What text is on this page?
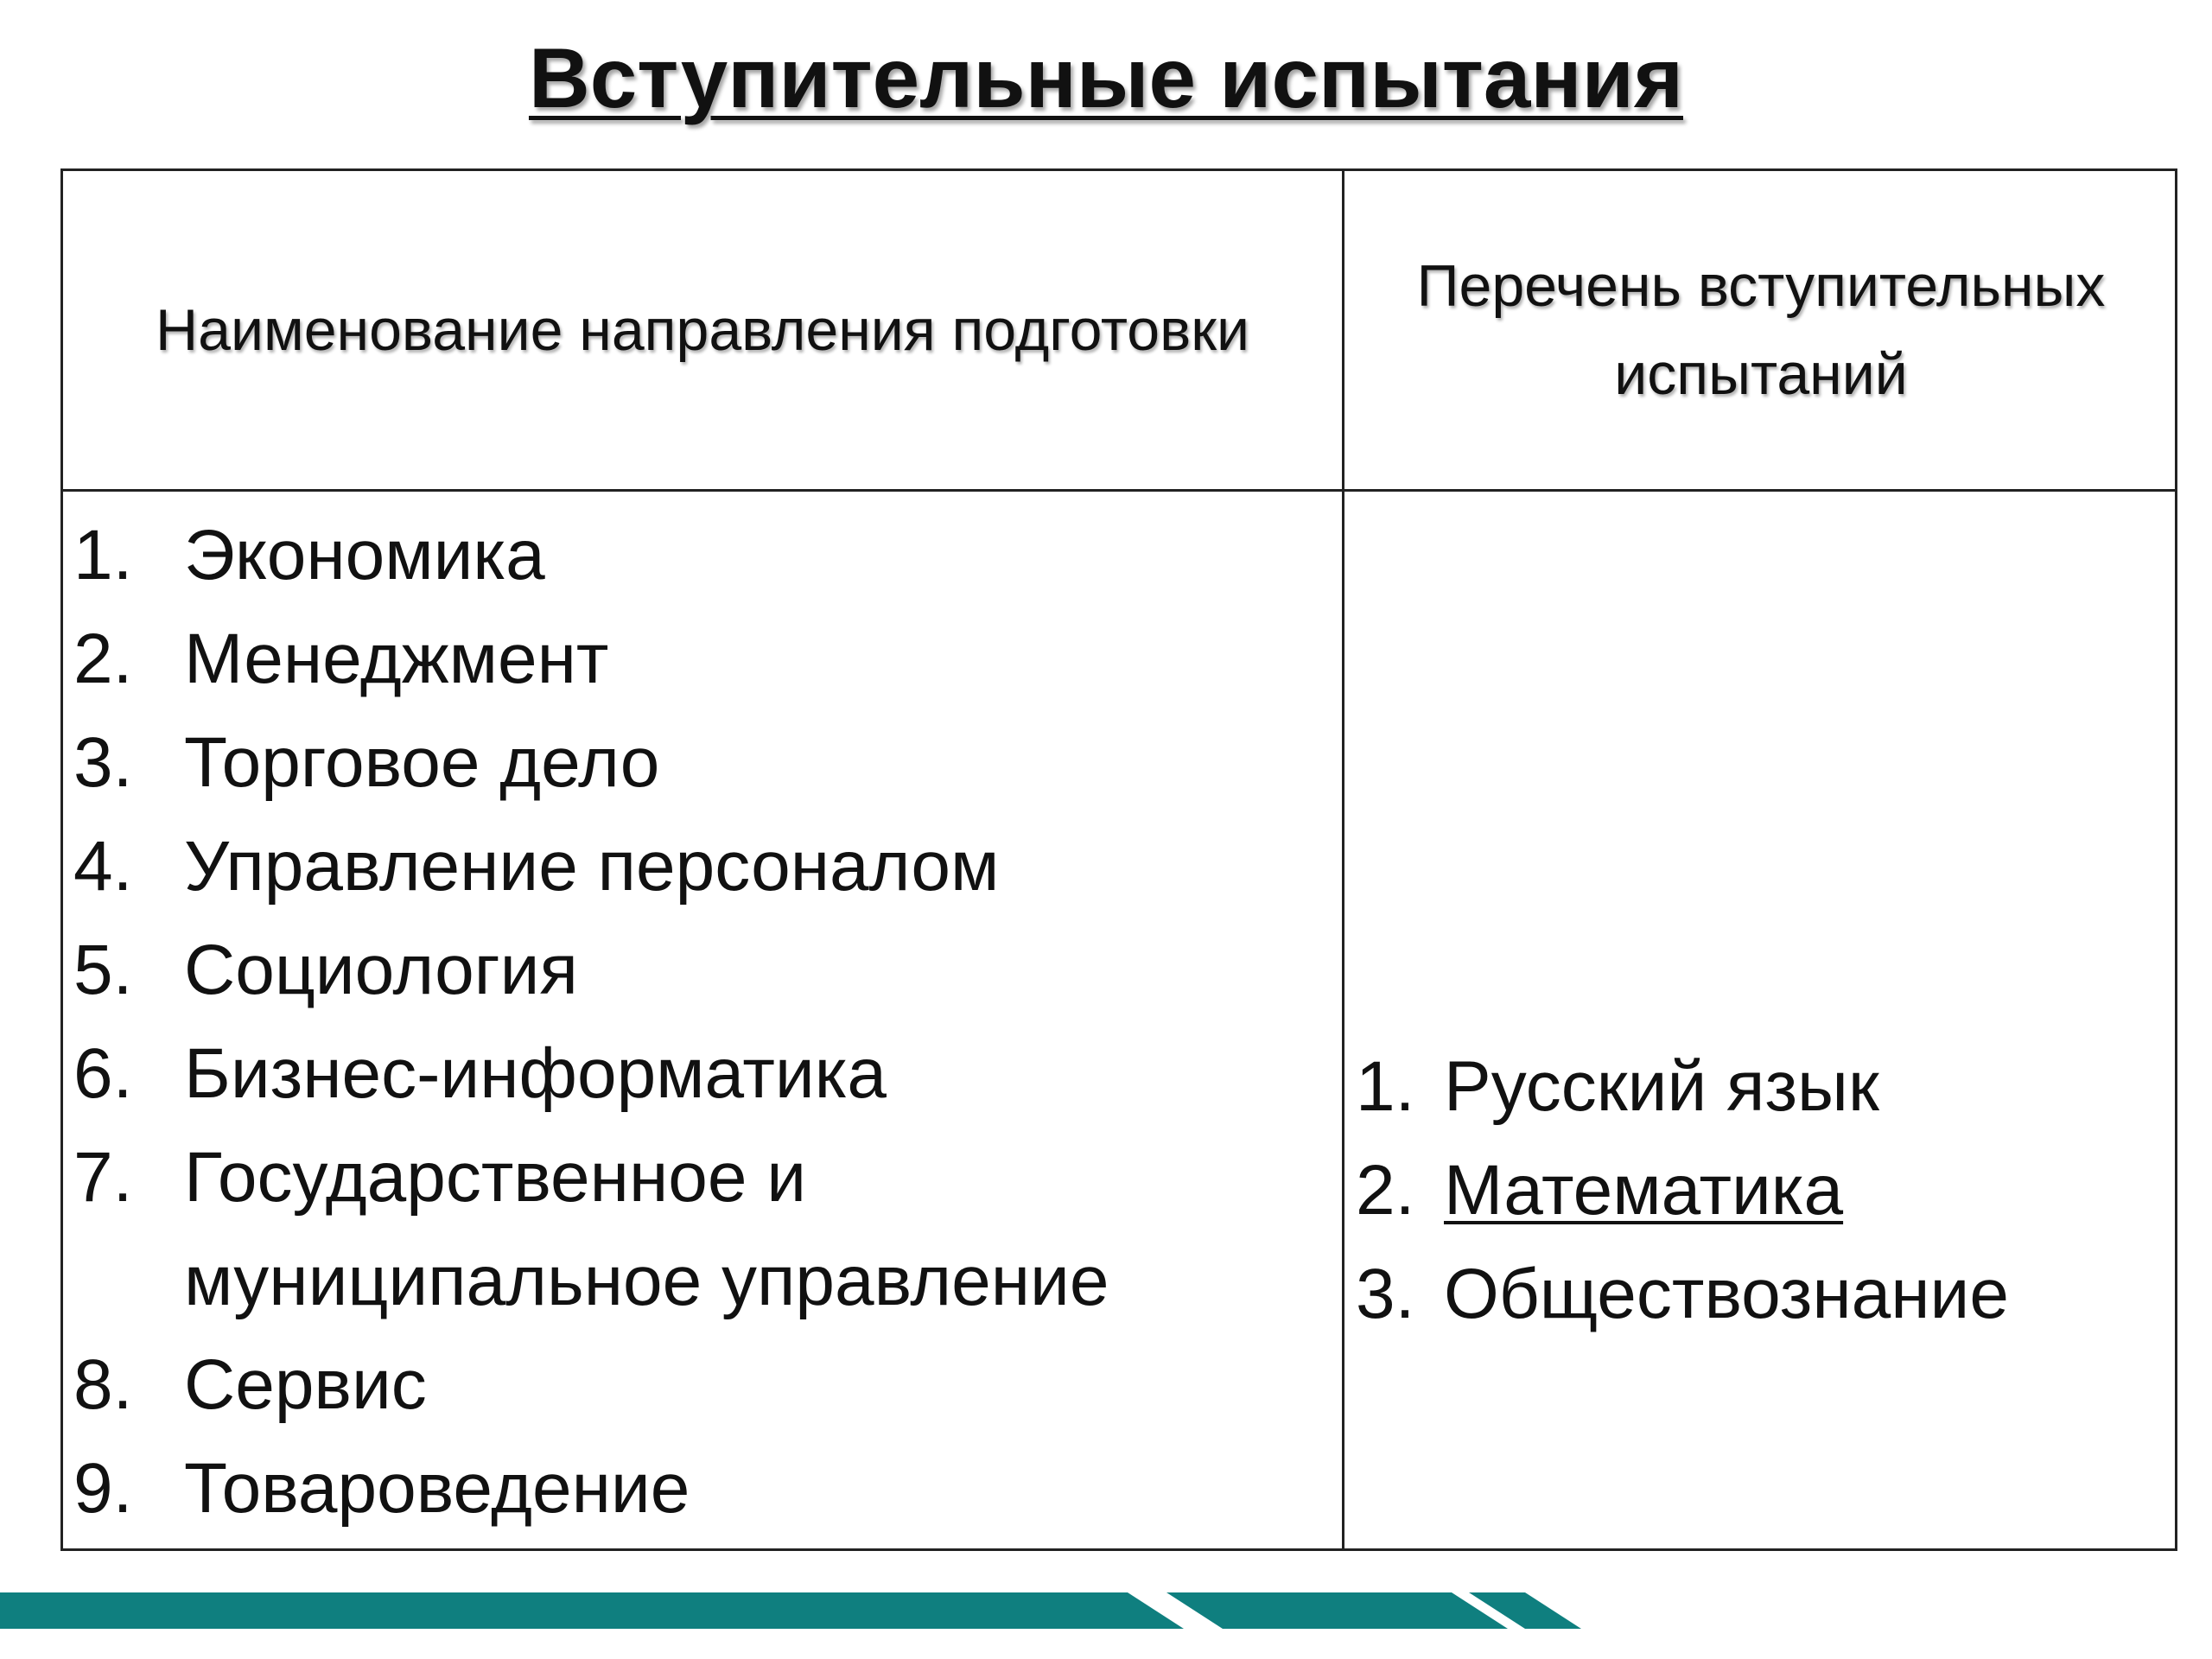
Вступительные испытания
Наименование направления подготовки
Перечень вступительных испытаний
1. Экономика
2. Менеджмент
3. Торговое дело
4. Управление персоналом
5. Социология
6. Бизнес-информатика
7. Государственное и муниципальное управление
8. Сервис
9. Товароведение
1. Русский язык
2. Математика
3. Обществознание
